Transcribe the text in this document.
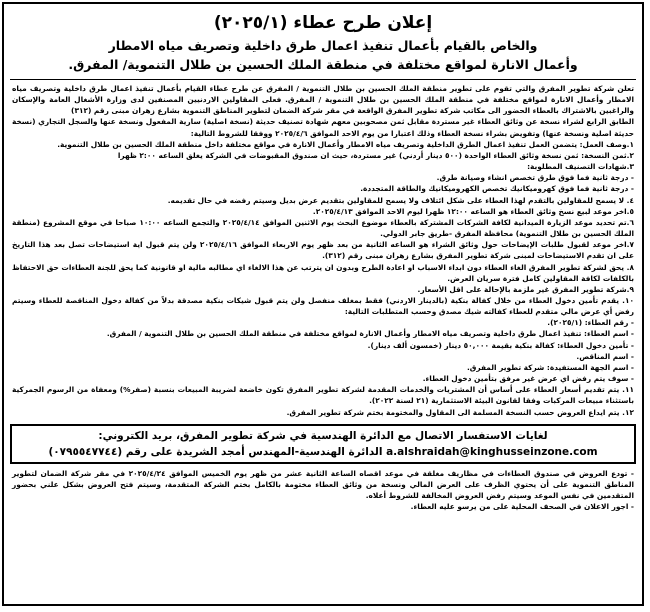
إعلان طرح عطاء (٢٠٢٥/١)
والخاص بالقيام بأعمال تنفيذ اعمال طرق داخلية وتصريف مياه الامطار
وأعمال الانارة لمواقع مختلفة في منطقة الملك الحسين بن طلال التنموية/ المفرق.

تعلن شركة تطوير المفرق والتي تقوم على تطوير منطقة الملك الحسين بن طلال التنموية / المفرق عن طرح عطاء القيام بأعمال تنفيذ اعمال طرق داخلية وتصريف مياه الامطار وأعمال الانارة لمواقع مختلفة في منطقة الملك الحسين بن طلال التنموية / المفرق. فعلى المقاولين الاردنيين المصنفين لدى وزارة الأشغال العامة والإسكان والراغبين بالاشتراك بالعطاء الحضور الى مكاتب شركة تطوير المفرق الواقعة في مقر شركة الضمان لتطوير المناطق التنموية بشارع زهران مبنى رقم (٣١٢)

الطابق الرابع لشراء نسخة عن وثائق العطاء غير مستردة مقابل ثمن مصحوبين معهم شهادة تصنيف حديثة (نسخة اصلية) سارية المفعول ونسخة عنها والسجل التجاري (نسخة حديثة اصلية ونسخة عنها) وتفويض بشراء نسخة العطاء وذلك اعتبارا من يوم الاحد الموافق ٢٠٢٥/٤/٦ ووفقا للشروط التالية:

١.وصف العمل: يتضمن العمل تنفيذ اعمال الطرق الداخلية وتصريف مياه الامطار وأعمال الانارة في مواقع مختلفة داخل منطقة الملك الحسين بن طلال التنموية.

٢.ثمن النسخة: ثمن نسخة وثائق العطاء الواحدة (٥٠٠ دينار أردني) غير مستردة، حيث ان صندوق المقبوضات في الشركة يغلق الساعه ٢:٠٠ ظهرا

٣.شهادات التصنيف المطلوبة:

- درجة ثانية فما فوق طرق تخصص انشاء وصيانة طرق.

- درجة ثانية فما فوق كهروميكانيك تخصص الكهروميكانيك والطاقة المتجددة.

٤. لا يسمح للمقاولين بالتقدم لهذا العطاء على شكل ائتلاف ولا يسمح للمقاولين بتقديم عرض بديل وسيتم رفضه في حال تقديمه.

٥.اخر موعد لبيع نسخ وثائق العطاء هو الساعه ١٢:٠٠ ظهرا ليوم الاحد الموافق ٢٠٢٥/٤/١٣.

٦.تم تحديد موعد الزيارة الميدانية لكافة الشركات المشتركة بالعطاء موضوع البحث يوم الاثنين الموافق ٢٠٢٥/٤/١٤ والتجمع الساعه ١٠:٠٠ صباحا في موقع المشروع (منطقة الملك الحسين بن طلال التنموية) محافظة المفرق -طريق جابر الدولي.

٧.اخر موعد لقبول طلبات الإيضاحات حول وثائق الشراء هو الساعه الثانية من بعد ظهر يوم الاربعاء الموافق ٢٠٢٥/٤/١٦ ولن يتم قبول اية استيضاحات تصل بعد هذا التاريخ على ان تقدم الاستيضاحات لمبنى شركة تطوير المفرق بشارع زهران مبنى رقم (٣١٢).

٨. يحق لشركة تطوير المفرق الغاء العطاء دون ابداء الاسباب او اعادة الطرح وبدون ان يترتب عن هذا الالغاء اي مطالبه مالية او قانونية كما يحق للجنة العطاءات حق الاحتفاظ بالكلفات لكافة المقاولين كامل فترة سريان العرض.

٩.شركة تطوير المفرق غير ملزمة بالإحالة على اقل الأسعار.

١٠. يقدم تأمين دخول العطاء من خلال كفالة بنكية (بالدينار الاردني) فقط بمغلف منفصل ولن يتم قبول شيكات بنكية مصدقة بدلاً من كفالة دخول المناقصة للعطاء وسيتم رفض أي عرض مالي متقدم للعطاء كفالته شيك مصدق وحسب المتطلبات التالية:

- رقم العطاء: (٢٠٢٥/١).

- اسم العطاء: تنفيذ اعمال طرق داخلية وتصريف مياه الامطار وأعمال الانارة لمواقع مختلفة في منطقة الملك الحسين بن طلال التنموية / المفرق.

- تأمين دخول العطاء: كفالة بنكية بقيمة ٥٠,٠٠٠ دينار (خمسون ألف دينار).

- اسم المناقص.

- اسم الجهة المستفيدة: شركة تطوير المفرق.

- سوف يتم رفض اي عرض غير مرفق بتأمين دخول العطاء.

١١. يتم تقديم أسعار العطاء على أساس أن المشتريات والخدمات المقدمة لشركة تطوير المفرق تكون خاضعة لضريبة المبيعات بنسبة (صفر%) ومعفاة من الرسوم الجمركية باستثناء مبيعات المركبات وفقا لقانون البيئة الاستثمارية (٢١ لسنة ٢٠٢٢).

١٢. يتم ايداع العروض حسب النسخة المسلمة الى المقاول والمختومة بختم شركة تطوير المفرق.

لغايات الاستفسار الاتصال مع الدائرة الهندسية في شركة تطوير المفرق، بريد الكتروني:
a.alshraidah@kinghusseinzone.com الدائرة الهندسية-المهندس أمجد الشريدة على رقم (٠٧٩٥٥٤٧٧٤٤)

- تودع العروض في صندوق العطاءات في مظاريف مغلقة في موعد اقصاه الساعة الثانية عشر من ظهر يوم الخميس الموافق ٢٠٢٥/٤/٢٤ في مقر شركة الضمان لتطوير المناطق التنموية على أن يحتوي الظرف على العرض المالي ونسخة من وثائق العطاء مختومة بالكامل بختم الشركة المتقدمة، وسيتم فتح العروض بشكل علني بحضور المتقدمين في نفس الموعد وسيتم رفض العروض المخالفة للشروط أعلاه.

- اجور الاعلان في الصحف المحلية على من يرسو عليه العطاء.
